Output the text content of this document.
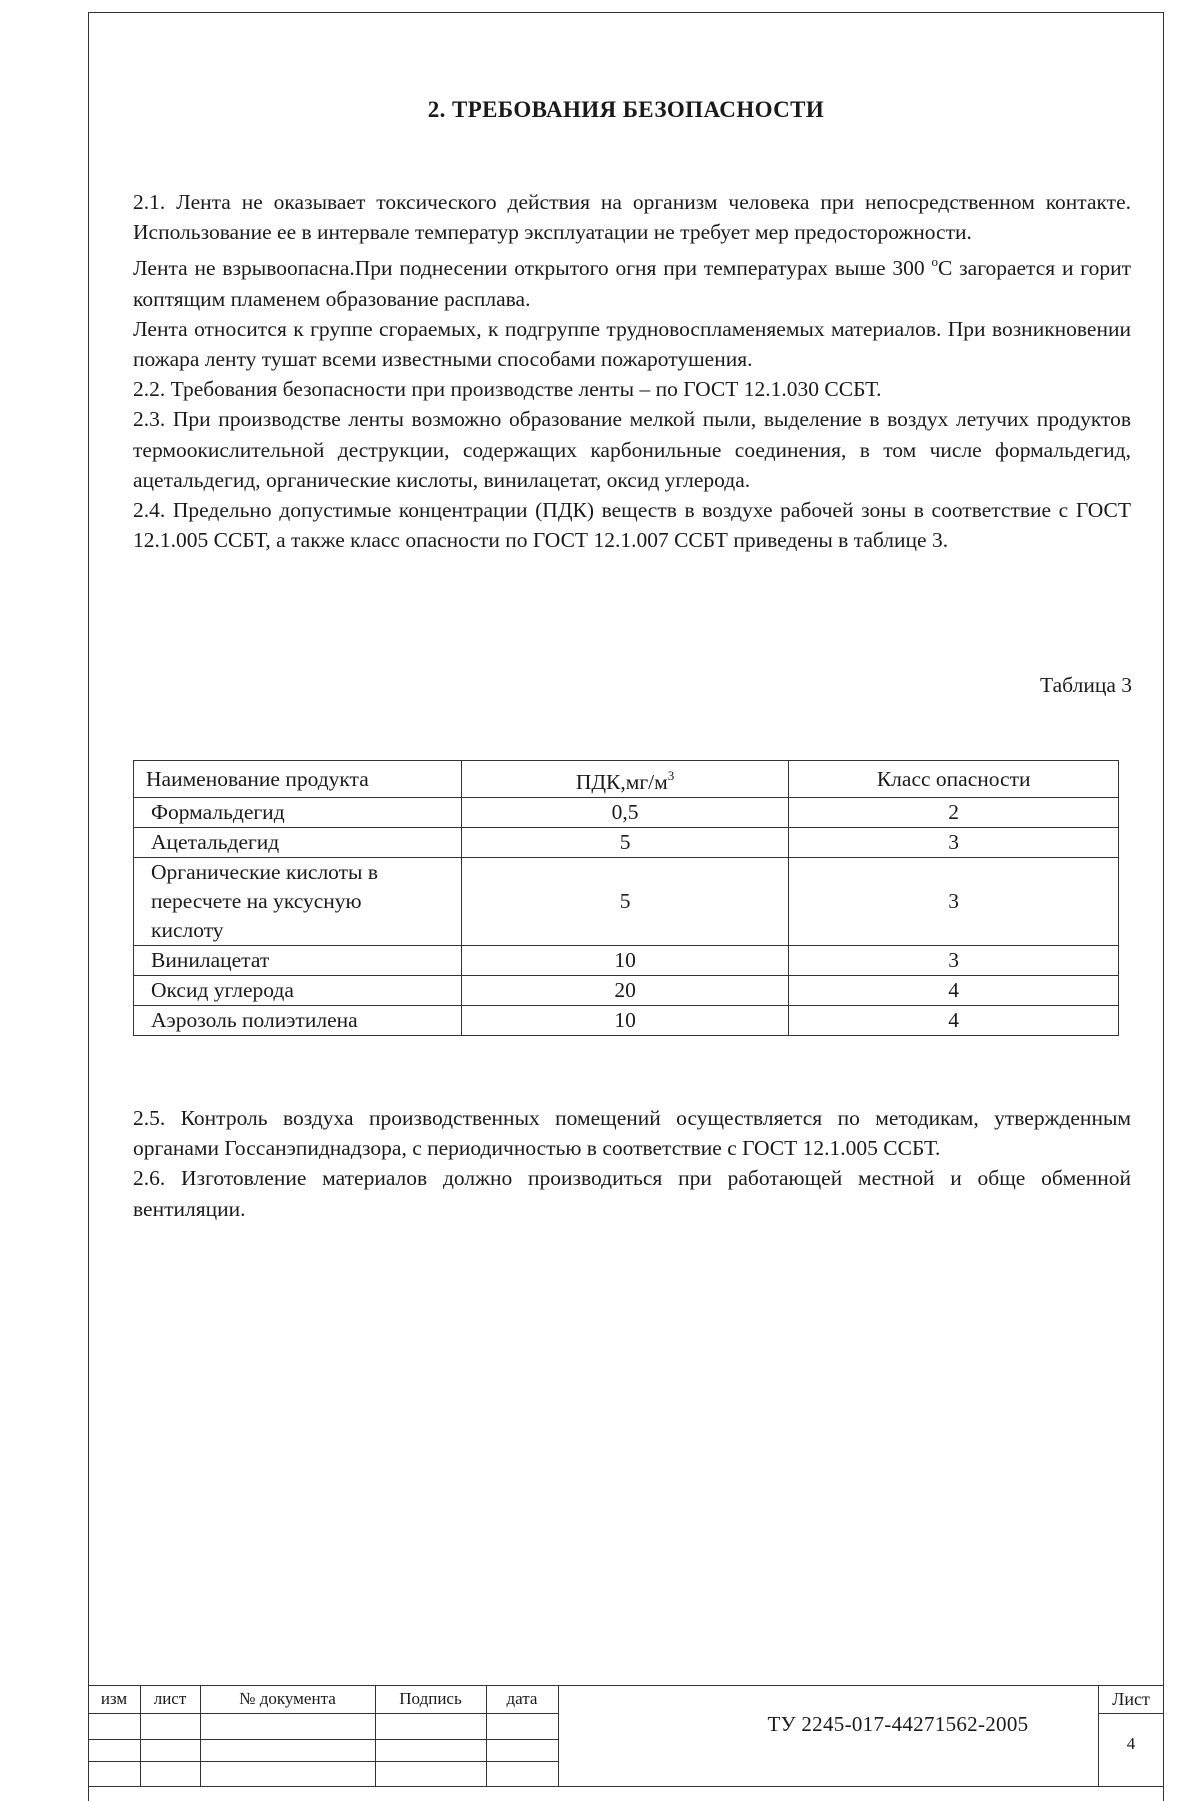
2. ТРЕБОВАНИЯ БЕЗОПАСНОСТИ

2.1. Лента не оказывает токсического действия на организм человека при непосредственном контакте. Использование ее в интервале температур эксплуатации не требует мер предосторожности.

Лента не взрывоопасна.При поднесении открытого огня при температурах выше 300 $^о$С загорается и горит коптящим пламенем образование расплава.

Лента относится к группе сгораемых, к подгруппе трудновоспламеняемых материалов. При возникновении пожара ленту тушат всеми известными способами пожаротушения.

2.2. Требования безопасности при производстве ленты – по ГОСТ 12.1.030 ССБТ.

2.3. При производстве ленты возможно образование мелкой пыли, выделение в воздух летучих продуктов термоокислительной деструкции, содержащих карбонильные соединения, в том числе формальдегид, ацетальдегид, органические кислоты, винилацетат, оксид углерода.

2.4. Предельно допустимые концентрации (ПДК) веществ в воздухе рабочей зоны в соответствие с ГОСТ 12.1.005 ССБТ, а также класс опасности по ГОСТ 12.1.007 ССБТ приведены в таблице 3.

Таблица 3
Наименование продукта	$ПДК,мг/м^3$	Класс опасности
Формальдегид	0,5	2
Ацетальдегид	5	3
Органические кислоты в пересчете на уксусную кислоту	5	3
Винилацетат	10	3
Оксид углерода	20	4
Аэрозоль полиэтилена	10	4

2.5. Контроль воздуха производственных помещений осуществляется по методикам, утвержденным органами Госсанэпиднадзора, с периодичностью в соответствие с ГОСТ 12.1.005 ССБТ.

2.6. Изготовление материалов должно производиться при работающей местной и обще обменной вентиляции.

изм	лист	№ документа	Подпись	дата
ТУ 2245-017-44271562-2005
Лист
4
